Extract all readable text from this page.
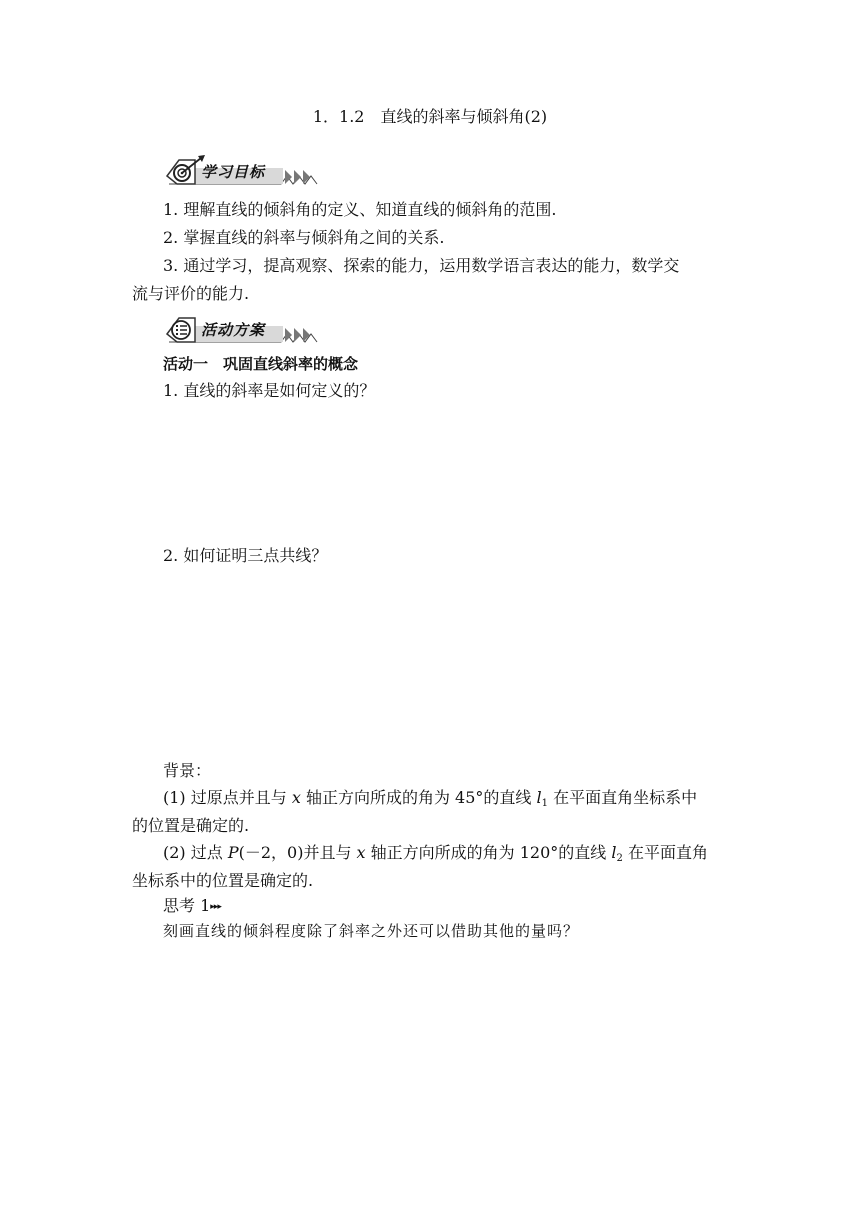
1．1.2　直线的斜率与倾斜角(2)
学习目标
1. 理解直线的倾斜角的定义、知道直线的倾斜角的范围.
2. 掌握直线的斜率与倾斜角之间的关系.
3. 通过学习，提高观察、探索的能力，运用数学语言表达的能力，数学交
流与评价的能力.
活动方案
活动一　巩固直线斜率的概念
1. 直线的斜率是如何定义的？
2. 如何证明三点共线？
背景：
(1) 过原点并且与 x 轴正方向所成的角为 45°的直线 $l_1$ 在平面直角坐标系中
的位置是确定的.
(2) 过点 P(－2，0)并且与 x 轴正方向所成的角为 120°的直线 $l_2$ 在平面直角
坐标系中的位置是确定的.
思考 1▸▸▸
刻画直线的倾斜程度除了斜率之外还可以借助其他的量吗？
